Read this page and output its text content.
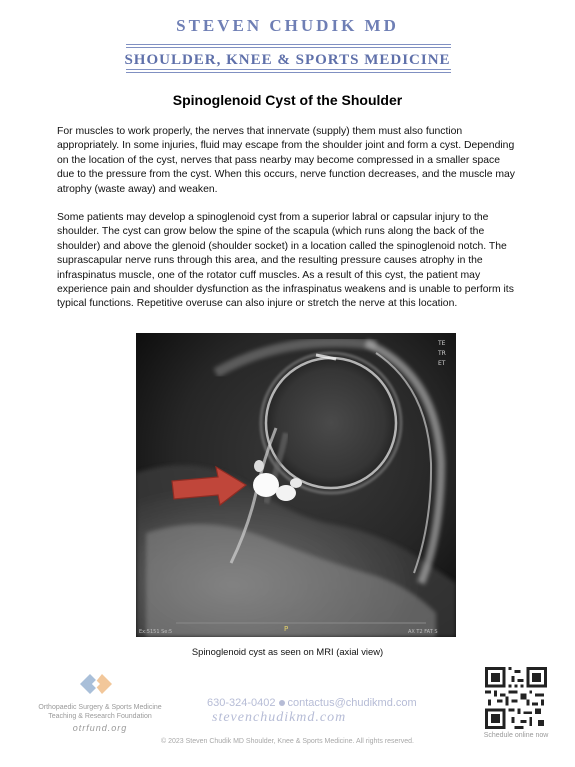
STEVEN CHUDIK MD
SHOULDER, KNEE & SPORTS MEDICINE
Spinoglenoid Cyst of the Shoulder

For muscles to work properly, the nerves that innervate (supply) them must also function appropriately. In some injuries, fluid may escape from the shoulder joint and form a cyst. Depending on the location of the cyst, nerves that pass nearby may become compressed in a smaller space due to the pressure from the cyst. When this occurs, nerve function decreases, and the muscle may atrophy (waste away) and weaken.

Some patients may develop a spinoglenoid cyst from a superior labral or capsular injury to the shoulder. The cyst can grow below the spine of the scapula (which runs along the back of the shoulder) and above the glenoid (shoulder socket) in a location called the spinoglenoid notch. The suprascapular nerve runs through this area, and the resulting pressure causes atrophy in the infraspinatus muscle, one of the rotator cuff muscles. As a result of this cyst, the patient may experience pain and shoulder dysfunction as the infraspinatus weakens and is unable to perform its typical functions. Repetitive overuse can also injure or stretch the nerve at this location.

TE
TR
ET
Ex:5151 Se:5	AX T2 FAT S
P
Spinoglenoid cyst as seen on MRI (axial view)
Orthopaedic Surgery & Sports Medicine
Teaching & Research Foundation
otrfund.org
630-324-0402 contactus@chudikmd.com
stevenchudikmd.com
© 2023 Steven Chudik MD Shoulder, Knee & Sports Medicine. All rights reserved.
Schedule online now
